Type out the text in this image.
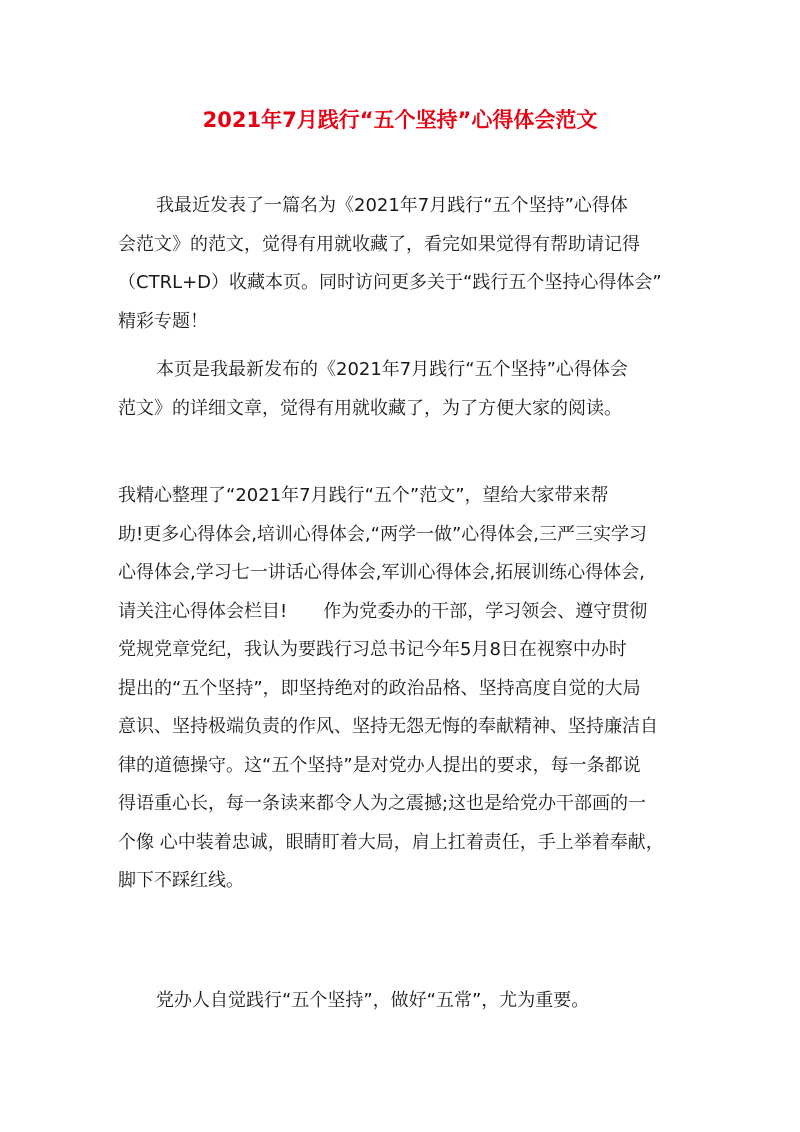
2021年7月践行“五个坚持”心得体会范文

我最近发表了一篇名为《2021年7月践行“五个坚持”心得体
会范文》的范文，觉得有用就收藏了，看完如果觉得有帮助请记得
（CTRL+D）收藏本页。同时访问更多关于“践行五个坚持心得体会”
精彩专题！

本页是我最新发布的《2021年7月践行“五个坚持”心得体会
范文》的详细文章，觉得有用就收藏了，为了方便大家的阅读。

我精心整理了“2021年7月践行“五个”范文”，望给大家带来帮
助!更多心得体会,培训心得体会,“两学一做”心得体会,三严三实学习
心得体会,学习七一讲话心得体会,军训心得体会,拓展训练心得体会,
请关注心得体会栏目!　　作为党委办的干部，学习领会、遵守贯彻
党规党章党纪，我认为要践行习总书记今年5月8日在视察中办时
提出的“五个坚持”，即坚持绝对的政治品格、坚持高度自觉的大局
意识、坚持极端负责的作风、坚持无怨无悔的奉献精神、坚持廉洁自
律的道德操守。这“五个坚持”是对党办人提出的要求，每一条都说
得语重心长，每一条读来都令人为之震撼;这也是给党办干部画的一
个像 心中装着忠诚，眼睛盯着大局，肩上扛着责任，手上举着奉献，
脚下不踩红线。

党办人自觉践行“五个坚持”，做好“五常”，尤为重要。
